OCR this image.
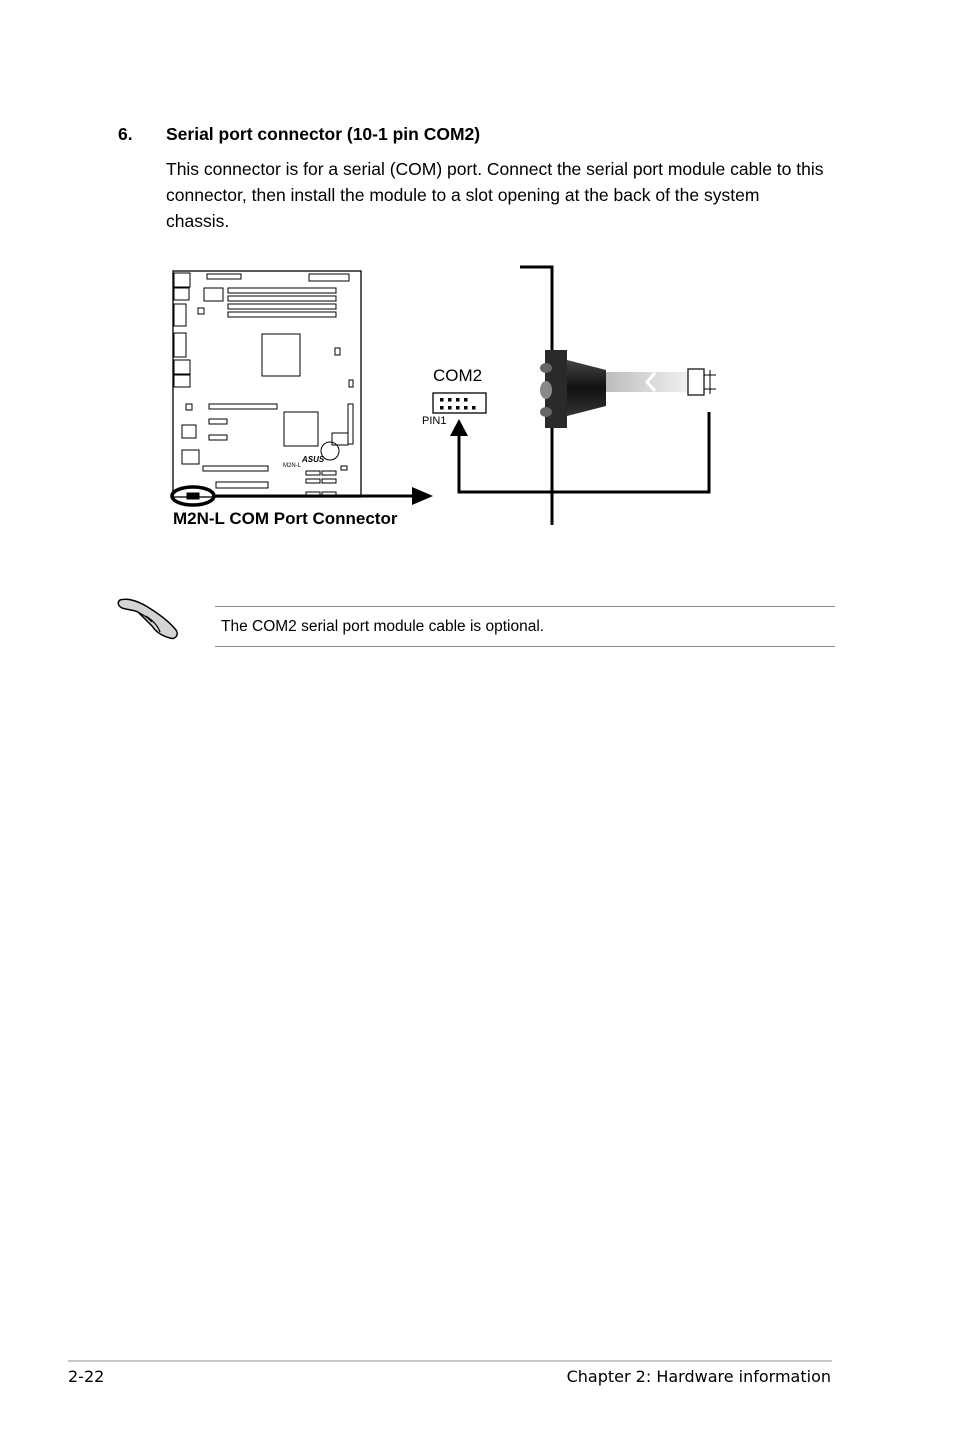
6. Serial port connector (10-1 pin COM2)
This connector is for a serial (COM) port. Connect the serial port module cable to this connector, then install the module to a slot opening at the back of the system chassis.
ASUS
M2N-L
COM2
PIN1
M2N-L COM Port Connector
The COM2 serial port module cable is optional.
2-22	Chapter 2: Hardware information
